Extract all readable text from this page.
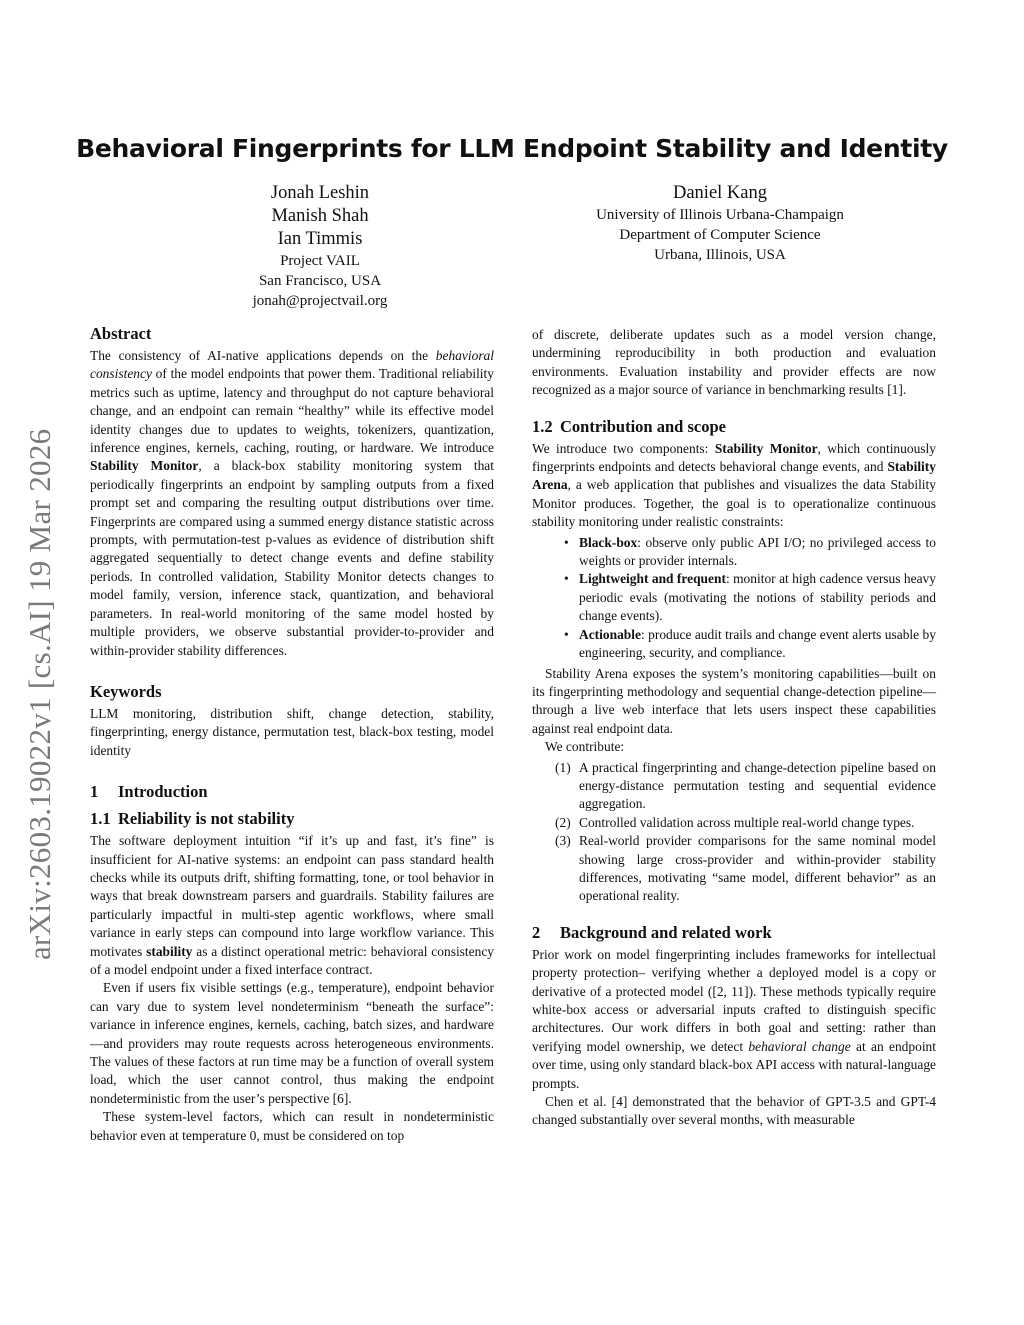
arXiv:2603.19022v1 [cs.AI] 19 Mar 2026
Behavioral Fingerprints for LLM Endpoint Stability and Identity
Jonah Leshin
Manish Shah
Ian Timmis
Project VAIL
San Francisco, USA
jonah@projectvail.org
Daniel Kang
University of Illinois Urbana-Champaign
Department of Computer Science
Urbana, Illinois, USA
Abstract

The consistency of AI-native applications depends on the behavioral consistency of the model endpoints that power them. Traditional reliability metrics such as uptime, latency and throughput do not capture behavioral change, and an endpoint can remain “healthy” while its effective model identity changes due to updates to weights, tokenizers, quantization, inference engines, kernels, caching, routing, or hardware. We introduce Stability Monitor, a black-box stability monitoring system that periodically fingerprints an endpoint by sampling outputs from a fixed prompt set and comparing the resulting output distributions over time. Fingerprints are compared using a summed energy distance statistic across prompts, with permutation-test p-values as evidence of distribution shift aggregated sequentially to detect change events and define stability periods. In controlled validation, Stability Monitor detects changes to model family, version, inference stack, quantization, and behavioral parameters. In real-world monitoring of the same model hosted by multiple providers, we observe substantial provider-to-provider and within-provider stability differences.

Keywords

LLM monitoring, distribution shift, change detection, stability, fingerprinting, energy distance, permutation test, black-box testing, model identity

1 Introduction
1.1 Reliability is not stability

The software deployment intuition “if it’s up and fast, it’s fine” is insufficient for AI-native systems: an endpoint can pass standard health checks while its outputs drift, shifting formatting, tone, or tool behavior in ways that break downstream parsers and guardrails. Stability failures are particularly impactful in multi-step agentic workflows, where small variance in early steps can compound into large workflow variance. This motivates stability as a distinct operational metric: behavioral consistency of a model endpoint under a fixed interface contract.

Even if users fix visible settings (e.g., temperature), endpoint behavior can vary due to system level nondeterminism “beneath the surface”: variance in inference engines, kernels, caching, batch sizes, and hardware—and providers may route requests across heterogeneous environments. The values of these factors at run time may be a function of overall system load, which the user cannot control, thus making the endpoint nondeterministic from the user’s perspective [6].

These system-level factors, which can result in nondeterministic behavior even at temperature 0, must be considered on top

of discrete, deliberate updates such as a model version change, undermining reproducibility in both production and evaluation environments. Evaluation instability and provider effects are now recognized as a major source of variance in benchmarking results [1].

1.2 Contribution and scope

We introduce two components: Stability Monitor, which continuously fingerprints endpoints and detects behavioral change events, and Stability Arena, a web application that publishes and visualizes the data Stability Monitor produces. Together, the goal is to operationalize continuous stability monitoring under realistic constraints:

• Black-box: observe only public API I/O; no privileged access to weights or provider internals.
• Lightweight and frequent: monitor at high cadence versus heavy periodic evals (motivating the notions of stability periods and change events).
• Actionable: produce audit trails and change event alerts usable by engineering, security, and compliance.

Stability Arena exposes the system’s monitoring capabilities—built on its fingerprinting methodology and sequential change-detection pipeline—through a live web interface that lets users inspect these capabilities against real endpoint data.

We contribute:

(1) A practical fingerprinting and change-detection pipeline based on energy-distance permutation testing and sequential evidence aggregation.
(2) Controlled validation across multiple real-world change types.
(3) Real-world provider comparisons for the same nominal model showing large cross-provider and within-provider stability differences, motivating “same model, different behavior” as an operational reality.
2 Background and related work

Prior work on model fingerprinting includes frameworks for intellectual property protection– verifying whether a deployed model is a copy or derivative of a protected model ([2, 11]). These methods typically require white-box access or adversarial inputs crafted to distinguish specific architectures. Our work differs in both goal and setting: rather than verifying model ownership, we detect behavioral change at an endpoint over time, using only standard black-box API access with natural-language prompts.

Chen et al. [4] demonstrated that the behavior of GPT-3.5 and GPT-4 changed substantially over several months, with measurable
